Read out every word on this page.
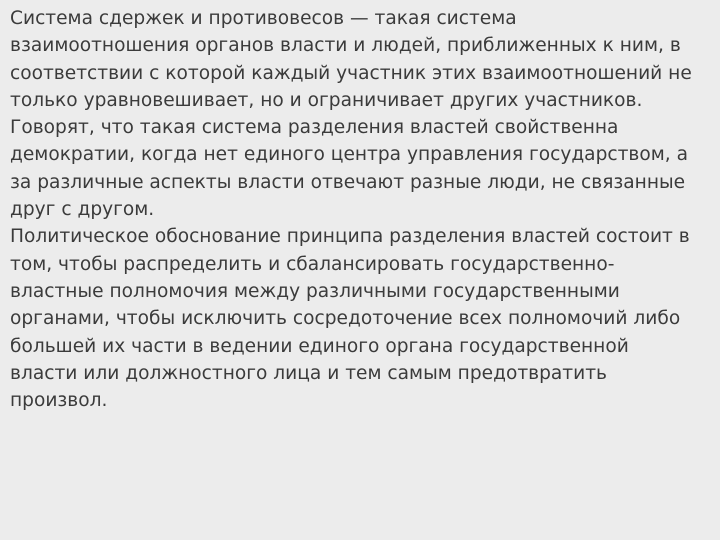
Система сдержек и противовесов — такая система
взаимоотношения органов власти и людей, приближенных к ним, в
соответствии с которой каждый участник этих взаимоотношений не
только уравновешивает, но и ограничивает других участников.
Говорят, что такая система разделения властей свойственна
демократии, когда нет единого центра управления государством, а
за различные аспекты власти отвечают разные люди, не связанные
друг с другом.
Политическое обоснование принципа разделения властей состоит в
том, чтобы распределить и сбалансировать государственно-
властные полномочия между различными государственными
органами, чтобы исключить сосредоточение всех полномочий либо
большей их части в ведении единого органа государственной
власти или должностного лица и тем самым предотвратить
произвол.
